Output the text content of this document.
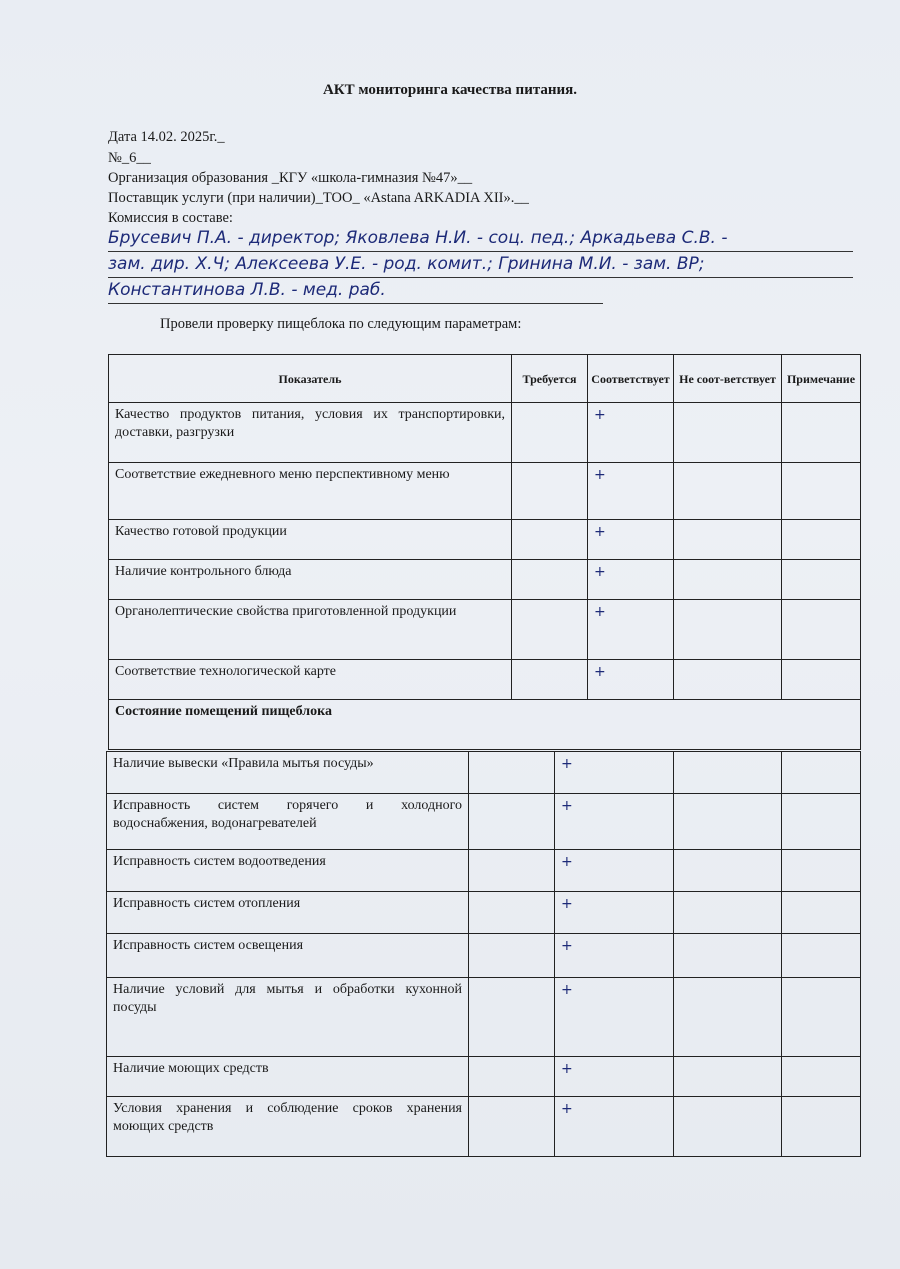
АКТ мониторинга качества питания.
Дата 14.02. 2025г._
№_6__
Организация образования _КГУ «школа-гимназия №47»__
Поставщик услуги (при наличии)_ТОО_ «Astana ARKADIA XII».__
Комиссия в составе:
Брусевич П.А. - директор; Яковлева Н.И. - соц. пед.; Аркадьева С.В. -
зам. дир. Х.Ч; Алексеева У.Е. - род. комит.; Гринина М.И. - зам. ВР;
Константинова Л.В. - мед. раб.
Провели проверку пищеблока по следующим параметрам:
Показатель	Требуется	Соответствует	Не соот-ветствует	Примечание
Качество продуктов питания, условия их транспортировки, доставки, разгрузки		+		
Соответствие ежедневного меню перспективному меню		+		
Качество готовой продукции		+		
Наличие контрольного блюда		+		
Органолептические свойства приготовленной продукции		+		
Соответствие технологической карте		+		
Состояние помещений пищеблока				
Наличие вывески «Правила мытья посуды»		+		
Исправность систем горячего и холодного водоснабжения, водонагревателей		+		
Исправность систем водоотведения		+		
Исправность систем отопления		+		
Исправность систем освещения		+		
Наличие условий для мытья и обработки кухонной посуды		+		
Наличие моющих средств		+		
Условия хранения и соблюдение сроков хранения моющих средств		+		
